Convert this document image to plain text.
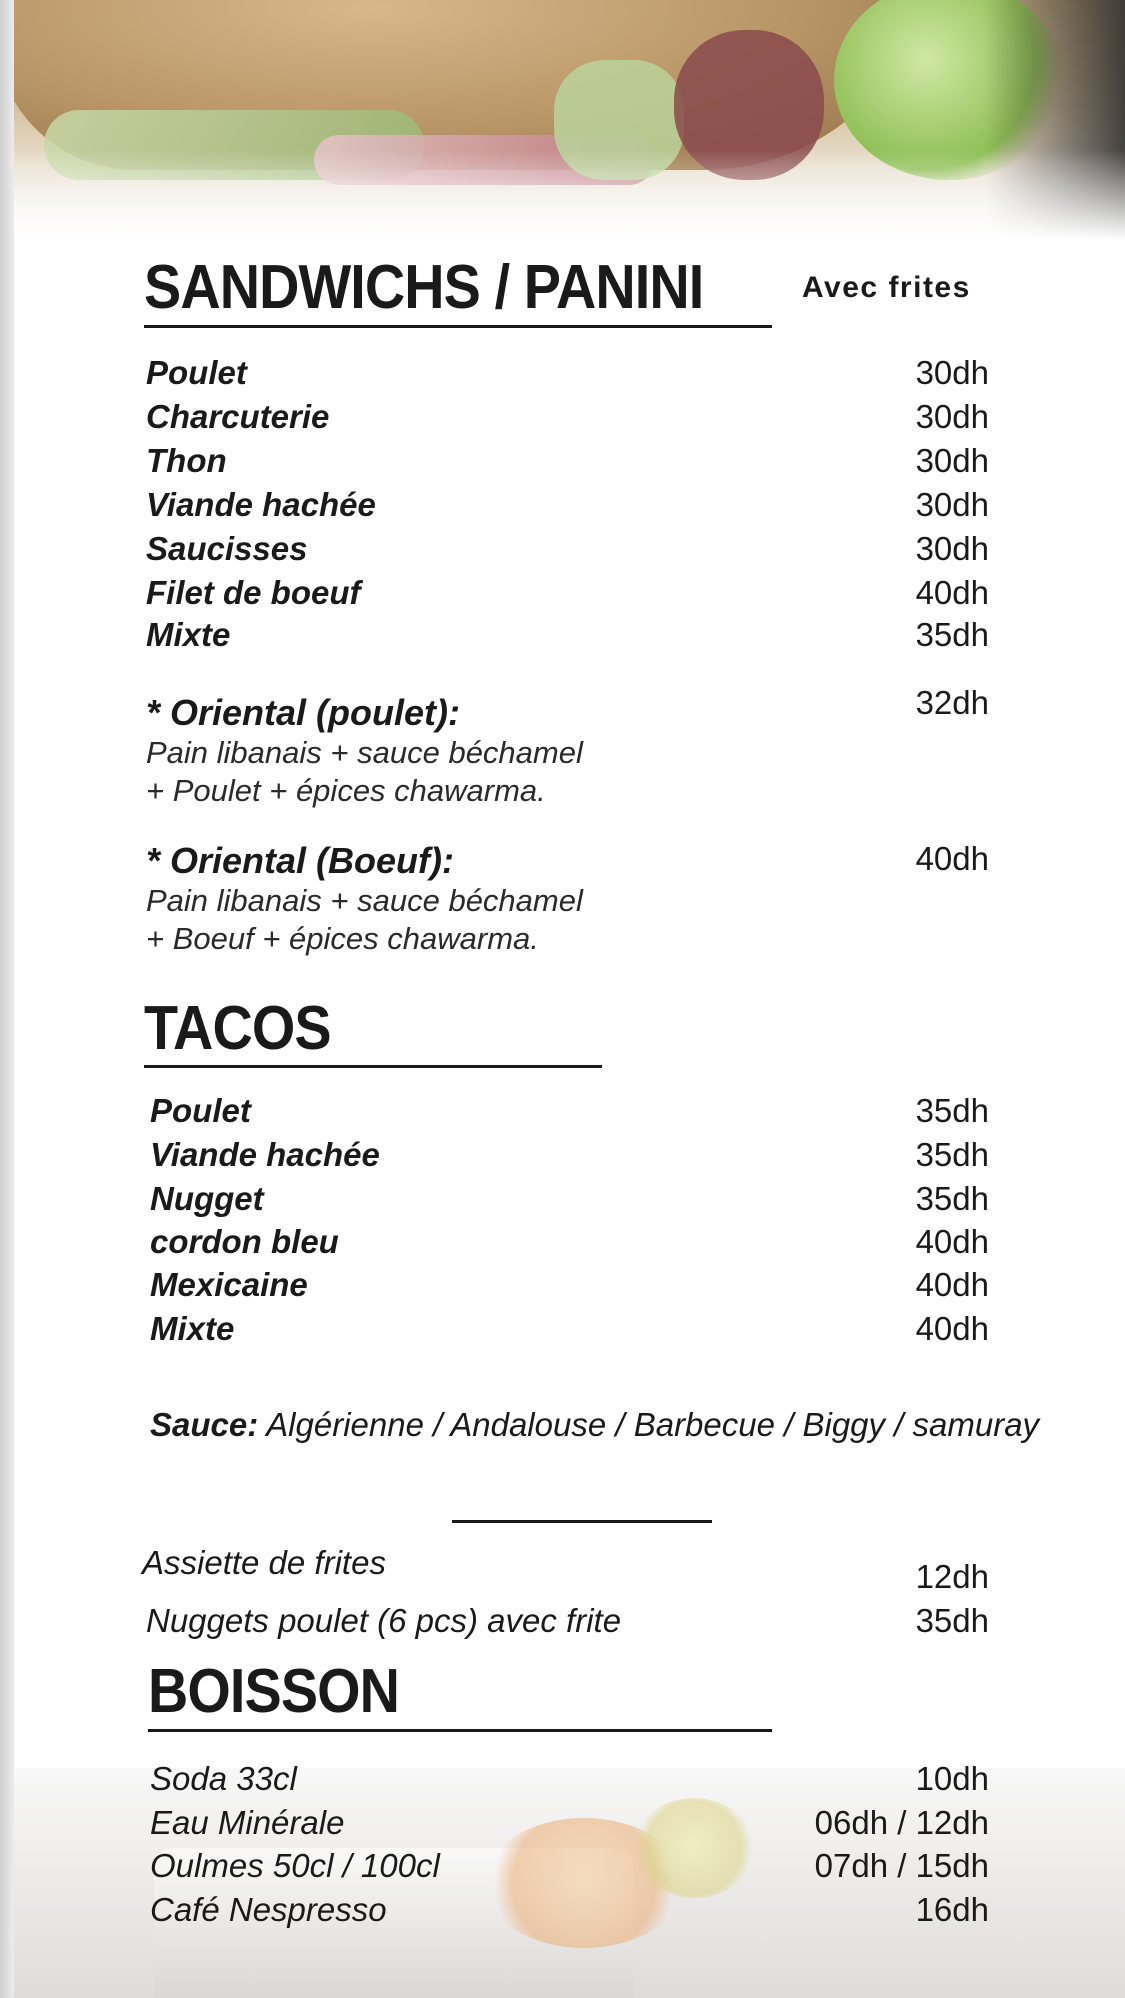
SANDWICHS / PANINI	Avec frites
Poulet	30dh
Charcuterie	30dh
Thon	30dh
Viande hachée	30dh
Saucisses	30dh
Filet de boeuf	40dh
Mixte	35dh
* Oriental (poulet):	32dh
Pain libanais + sauce béchamel
+ Poulet + épices chawarma.
* Oriental (Boeuf):	40dh
Pain libanais + sauce béchamel
+ Boeuf + épices chawarma.
TACOS
Poulet	35dh
Viande hachée	35dh
Nugget	35dh
cordon bleu	40dh
Mexicaine	40dh
Mixte	40dh
Sauce: Algérienne / Andalouse / Barbecue / Biggy / samuray
Assiette de frites	12dh
Nuggets poulet (6 pcs) avec frite	35dh
BOISSON
Soda 33cl	10dh
Eau Minérale	06dh / 12dh
Oulmes 50cl / 100cl	07dh / 15dh
Café Nespresso	16dh
